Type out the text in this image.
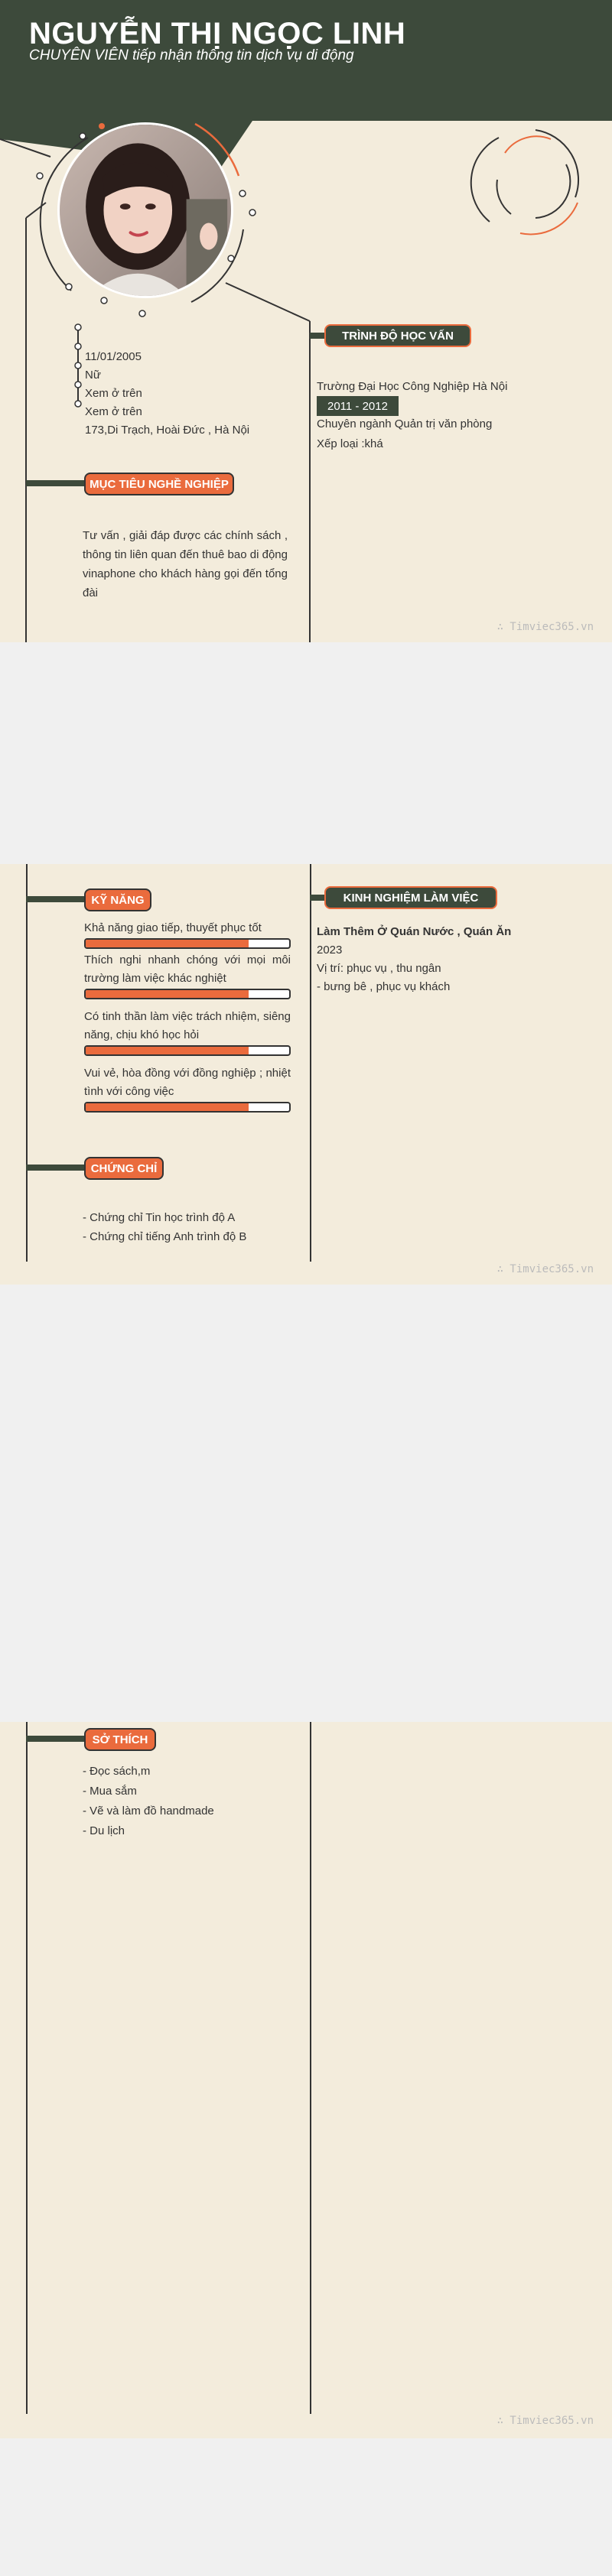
NGUYỄN THỊ NGỌC LINH
CHUYÊN VIÊN tiếp nhận thông tin dịch vụ di động
11/01/2005
Nữ
Xem ở trên
Xem ở trên
173,Di Trạch, Hoài Đức , Hà Nội
MỤC TIÊU NGHỀ NGHIỆP
Tư vấn , giải đáp được các chính sách , thông tin liên quan đến thuê bao di động vinaphone cho khách hàng gọi đến tổng đài
TRÌNH ĐỘ HỌC VẤN
Trường Đại Học Công Nghiệp Hà Nội
2011 - 2012
Chuyên ngành Quản trị văn phòng
Xếp loại :khá
∴ Timviec365.vn
KỸ NĂNG
Khả năng giao tiếp, thuyết phục tốt
Thích nghi nhanh chóng với mọi môi trường làm việc khác nghiệt
Có tinh thần làm việc trách nhiệm, siêng năng, chịu khó học hỏi
Vui vẻ, hòa đồng với đồng nghiệp ; nhiệt tình với công việc
CHỨNG CHỈ
- Chứng chỉ Tin học trình độ A
- Chứng chỉ tiếng Anh trình độ B
KINH NGHIỆM LÀM VIỆC
Làm Thêm Ở Quán Nước , Quán Ăn
2023
Vị trí: phục vụ , thu ngân
- bưng bê , phục vụ khách
∴ Timviec365.vn
SỞ THÍCH
- Đọc sách,m
- Mua sắm
- Vẽ và làm đồ handmade
- Du lịch
∴ Timviec365.vn
